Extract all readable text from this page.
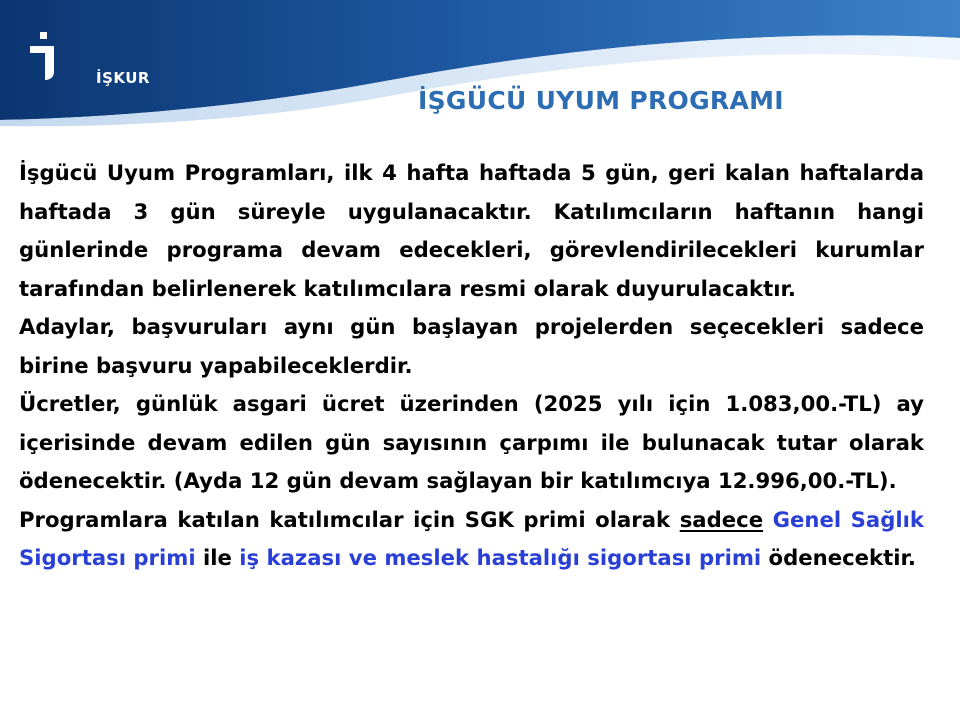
İŞKUR
İŞGÜCÜ UYUM PROGRAMI

İşgücü Uyum Programları, ilk 4 hafta haftada 5 gün, geri kalan haftalarda haftada 3 gün süreyle uygulanacaktır. Katılımcıların haftanın hangi günlerinde programa devam edecekleri, görevlendirilecekleri kurumlar tarafından belirlenerek katılımcılara resmi olarak duyurulacaktır.

Adaylar, başvuruları aynı gün başlayan projelerden seçecekleri sadece birine başvuru yapabileceklerdir.

Ücretler, günlük asgari ücret üzerinden (2025 yılı için 1.083,00.-TL) ay içerisinde devam edilen gün sayısının çarpımı ile bulunacak tutar olarak ödenecektir. (Ayda 12 gün devam sağlayan bir katılımcıya 12.996,00.-TL).

Programlara katılan katılımcılar için SGK primi olarak sadece Genel Sağlık Sigortası primi ile iş kazası ve meslek hastalığı sigortası primi ödenecektir.
